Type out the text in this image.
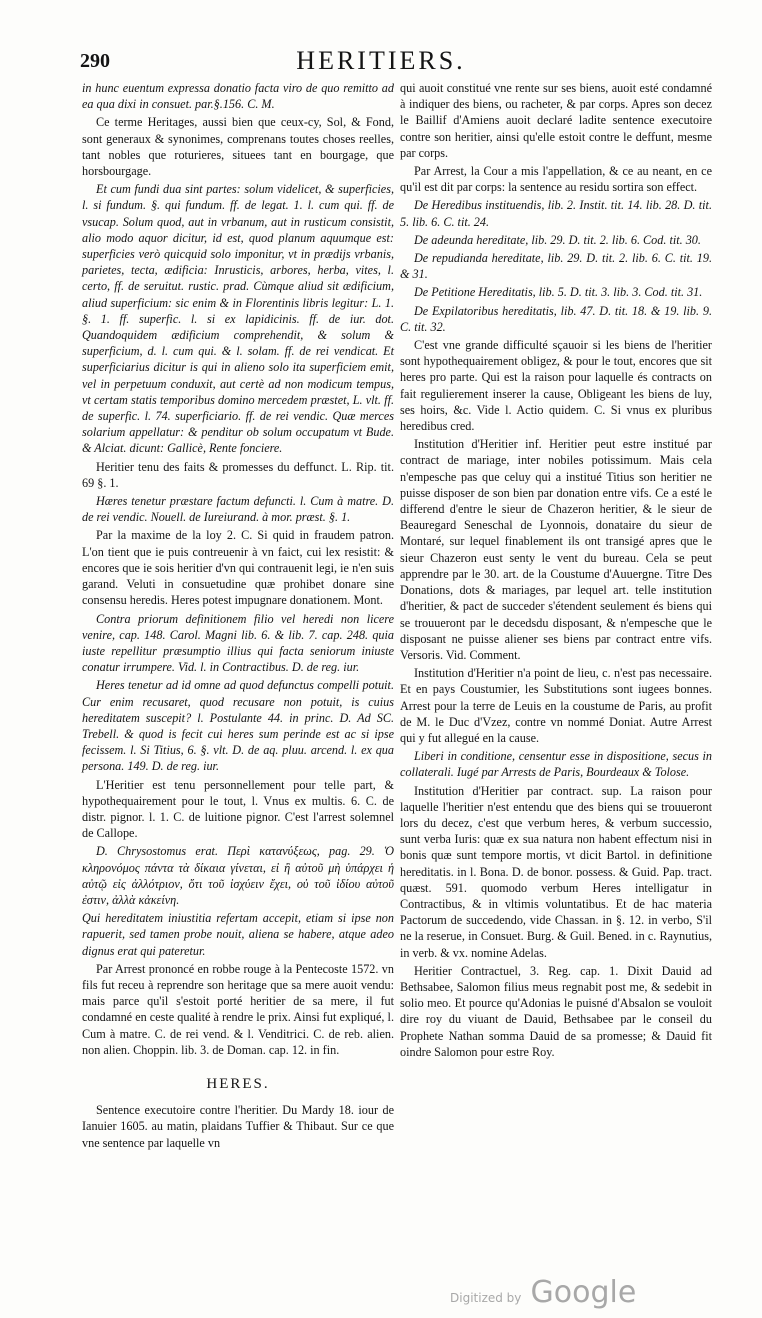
290	HERITIERS.

in hunc euentum expressa donatio facta viro de quo remitto ad ea qua dixi in consuet. par.§.156. C. M.

Ce terme Heritages, aussi bien que ceux-cy, Sol, & Fond, sont generaux & synonimes, comprenans toutes choses reelles, tant nobles que roturieres, situees tant en bourgage, que horsbourgage.

Et cum fundi dua sint partes: solum videlicet, & superficies, l. si fundum. §. qui fundum. ff. de legat. 1. l. cum qui. ff. de vsucap. Solum quod, aut in vrbanum, aut in rusticum consistit, alio modo aquor dicitur, id est, quod planum aquumque est: superficies verò quicquid solo imponitur, vt in prædijs vrbanis, parietes, tecta, ædificia: Inrusticis, arbores, herba, vites, l. certo, ff. de seruitut. rustic. prad. Cùmque aliud sit ædificium, aliud superficium: sic enim & in Florentinis libris legitur: L. 1. §. 1. ff. superfic. l. si ex lapidicinis. ff. de iur. dot. Quandoquidem ædificium comprehendit, & solum & superficium, d. l. cum qui. & l. solam. ff. de rei vendicat. Et superficiarius dicitur is qui in alieno solo ita superficiem emit, vel in perpetuum conduxit, aut certè ad non modicum tempus, vt certam statis temporibus domino mercedem præstet, L. vlt. ff. de superfic. l. 74. superficiario. ff. de rei vendic. Quæ merces solarium appellatur: & penditur ob solum occupatum vt Bude. & Alciat. dicunt: Gallicè, Rente fonciere.

Heritier tenu des faits & promesses du deffunct. L. Rip. tit. 69 §. 1.

Hæres tenetur præstare factum defuncti. l. Cum à matre. D. de rei vendic. Nouell. de Iureiurand. à mor. præst. §. 1.

Par la maxime de la loy 2. C. Si quid in fraudem patron. L'on tient que ie puis contreuenir à vn faict, cui lex resistit: & encores que ie sois heritier d'vn qui contrauenit legi, ie n'en suis garand. Veluti in consuetudine quæ prohibet donare sine consensu heredis. Heres potest impugnare donationem. Mont.

Contra priorum definitionem filio vel heredi non licere venire, cap. 148. Carol. Magni lib. 6. & lib. 7. cap. 248. quia iuste repellitur præsumptio illius qui facta seniorum iniuste conatur irrumpere. Vid. l. in Contractibus. D. de reg. iur.

Heres tenetur ad id omne ad quod defunctus compelli potuit. Cur enim recusaret, quod recusare non potuit, is cuius hereditatem suscepit? l. Postulante 44. in princ. D. Ad SC. Trebell. & quod is fecit cui heres sum perinde est ac si ipse fecissem. l. Si Titius, 6. §. vlt. D. de aq. pluu. arcend. l. ex qua persona. 149. D. de reg. iur.

L'Heritier est tenu personnellement pour telle part, & hypothequairement pour le tout, l. Vnus ex multis. 6. C. de distr. pignor. l. 1. C. de luitione pignor. C'est l'arrest solemnel de Callope.

D. Chrysostomus erat. Περὶ κατανύξεως, pag. 29. Ὁ κληρονόμος πάντα τὰ δίκαια γίνεται, εἰ ἢ αὐτοῦ μὴ ὑπάρχει ἡ αὐτῷ εἰς ἀλλότριον, ὅτι τοῦ ἰσχύειν ἔχει, οὐ τοῦ ἰδίου αὐτοῦ ἐστιν, ἀλλὰ κἀκείνη.

Qui hereditatem iniustitia refertam accepit, etiam si ipse non rapuerit, sed tamen probe nouit, aliena se habere, atque adeo dignus erat qui pateretur.

Par Arrest prononcé en robbe rouge à la Pentecoste 1572. vn fils fut receu à reprendre son heritage que sa mere auoit vendu: mais parce qu'il s'estoit porté heritier de sa mere, il fut condamné en ceste qualité à rendre le prix. Ainsi fut expliqué, l. Cum à matre. C. de rei vend. & l. Venditrici. C. de reb. alien. non alien. Choppin. lib. 3. de Doman. cap. 12. in fin.

HERES.

Sentence executoire contre l'heritier. Du Mardy 18. iour de Ianuier 1605. au matin, plaidans Tuffier & Thibaut. Sur ce que vne sentence par laquelle vn

qui auoit constitué vne rente sur ses biens, auoit esté condamné à indiquer des biens, ou racheter, & par corps. Apres son decez le Baillif d'Amiens auoit declaré ladite sentence executoire contre son heritier, ainsi qu'elle estoit contre le deffunt, mesme par corps.

Par Arrest, la Cour a mis l'appellation, & ce au neant, en ce qu'il est dit par corps: la sentence au residu sortira son effect.

De Heredibus instituendis, lib. 2. Instit. tit. 14. lib. 28. D. tit. 5. lib. 6. C. tit. 24.

De adeunda hereditate, lib. 29. D. tit. 2. lib. 6. Cod. tit. 30.

De repudianda hereditate, lib. 29. D. tit. 2. lib. 6. C. tit. 19. & 31.

De Petitione Hereditatis, lib. 5. D. tit. 3. lib. 3. Cod. tit. 31.

De Expilatoribus hereditatis, lib. 47. D. tit. 18. & 19. lib. 9. C. tit. 32.

C'est vne grande difficulté sçauoir si les biens de l'heritier sont hypothequairement obligez, & pour le tout, encores que sit heres pro parte. Qui est la raison pour laquelle és contracts on fait regulierement inserer la cause, Obligeant les biens de luy, ses hoirs, &c. Vide l. Actio quidem. C. Si vnus ex pluribus heredibus cred.

Institution d'Heritier inf. Heritier peut estre institué par contract de mariage, inter nobiles potissimum. Mais cela n'empesche pas que celuy qui a institué Titius son heritier ne puisse disposer de son bien par donation entre vifs. Ce a esté le differend d'entre le sieur de Chazeron heritier, & le sieur de Beauregard Seneschal de Lyonnois, donataire du sieur de Montaré, sur lequel finablement ils ont transigé apres que le sieur Chazeron eust senty le vent du bureau. Cela se peut apprendre par le 30. art. de la Coustume d'Auuergne. Titre Des Donations, dots & mariages, par lequel art. telle institution d'heritier, & pact de succeder s'étendent seulement és biens qui se trouueront par le decedsdu disposant, & n'empesche que le disposant ne puisse aliener ses biens par contract entre vifs. Versoris. Vid. Comment.

Institution d'Heritier n'a point de lieu, c. n'est pas necessaire. Et en pays Coustumier, les Substitutions sont iugees bonnes. Arrest pour la terre de Leuis en la coustume de Paris, au profit de M. le Duc d'Vzez, contre vn nommé Doniat. Autre Arrest qui y fut allegué en la cause.

Liberi in conditione, censentur esse in dispositione, secus in collaterali. Iugé par Arrests de Paris, Bourdeaux & Tolose.

Institution d'Heritier par contract. sup. La raison pour laquelle l'heritier n'est entendu que des biens qui se trouueront lors du decez, c'est que verbum heres, & verbum successio, sunt verba Iuris: quæ ex sua natura non habent effectum nisi in bonis quæ sunt tempore mortis, vt dicit Bartol. in definitione hereditatis. in l. Bona. D. de bonor. possess. & Guid. Pap. tract. quæst. 591. quomodo verbum Heres intelligatur in Contractibus, & in vltimis voluntatibus. Et de hac materia Pactorum de succedendo, vide Chassan. in §. 12. in verbo, S'il ne la reserue, in Consuet. Burg. & Guil. Bened. in c. Raynutius, in verb. & vx. nomine Adelas.

Heritier Contractuel, 3. Reg. cap. 1. Dixit Dauid ad Bethsabee, Salomon filius meus regnabit post me, & sedebit in solio meo. Et pource qu'Adonias le puisné d'Absalon se vouloit dire roy du viuant de Dauid, Bethsabee par le conseil du Prophete Nathan somma Dauid de sa promesse; & Dauid fit oindre Salomon pour estre Roy.

Digitized by Google
